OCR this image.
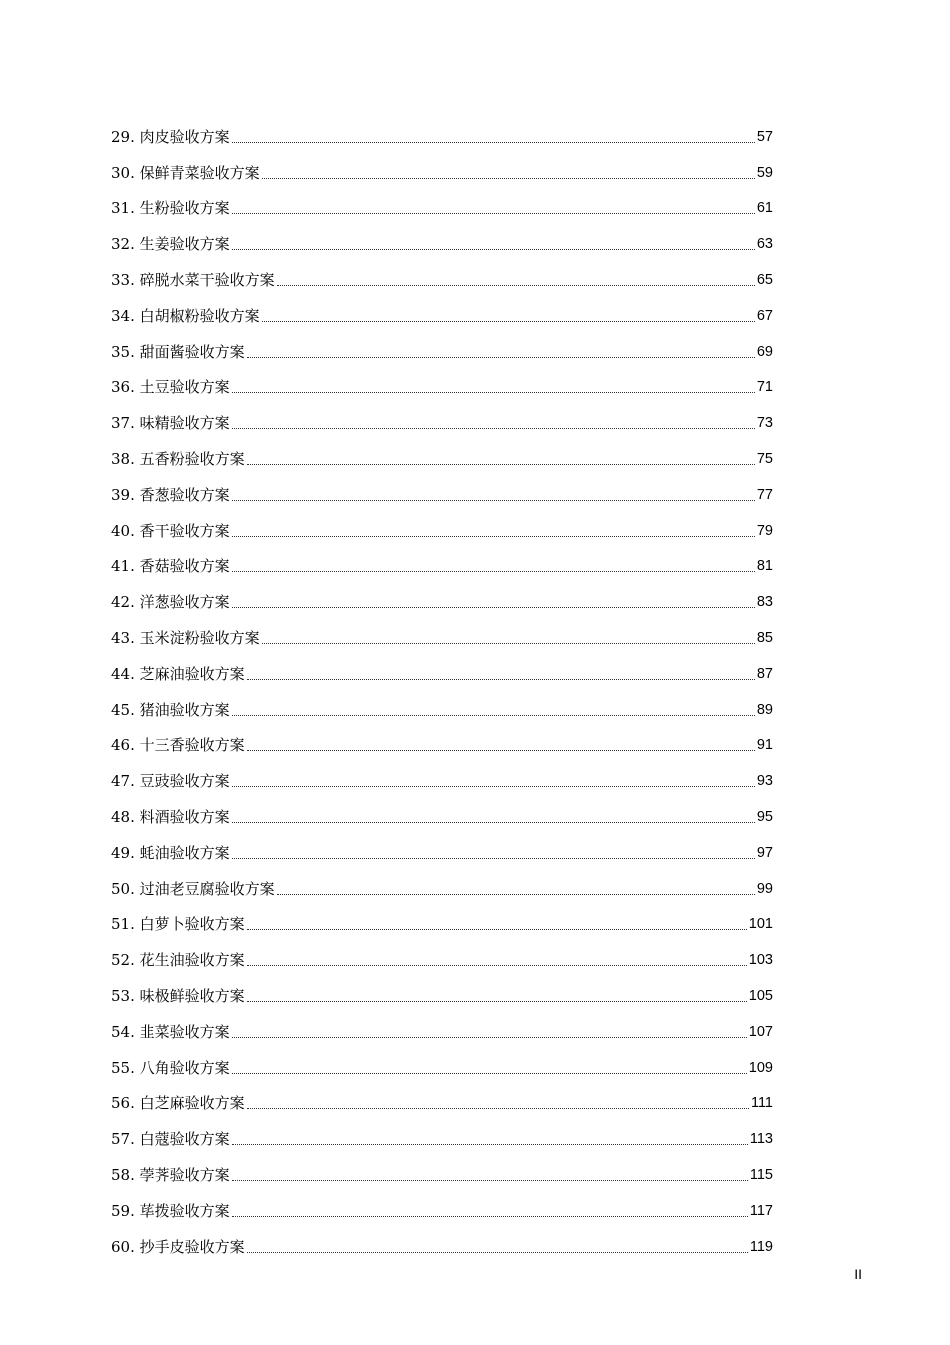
29. 肉皮验收方案	57
30. 保鲜青菜验收方案	59
31. 生粉验收方案	61
32. 生姜验收方案	63
33. 碎脱水菜干验收方案	65
34. 白胡椒粉验收方案	67
35. 甜面酱验收方案	69
36. 土豆验收方案	71
37. 味精验收方案	73
38. 五香粉验收方案	75
39. 香葱验收方案	77
40. 香干验收方案	79
41. 香菇验收方案	81
42. 洋葱验收方案	83
43. 玉米淀粉验收方案	85
44. 芝麻油验收方案	87
45. 猪油验收方案	89
46. 十三香验收方案	91
47. 豆豉验收方案	93
48. 料酒验收方案	95
49. 蚝油验收方案	97
50. 过油老豆腐验收方案	99
51. 白萝卜验收方案	101
52. 花生油验收方案	103
53. 味极鲜验收方案	105
54. 韭菜验收方案	107
55. 八角验收方案	109
56. 白芝麻验收方案	111
57. 白蔻验收方案	113
58. 荸荠验收方案	115
59. 荜拨验收方案	117
60. 抄手皮验收方案	119
II
